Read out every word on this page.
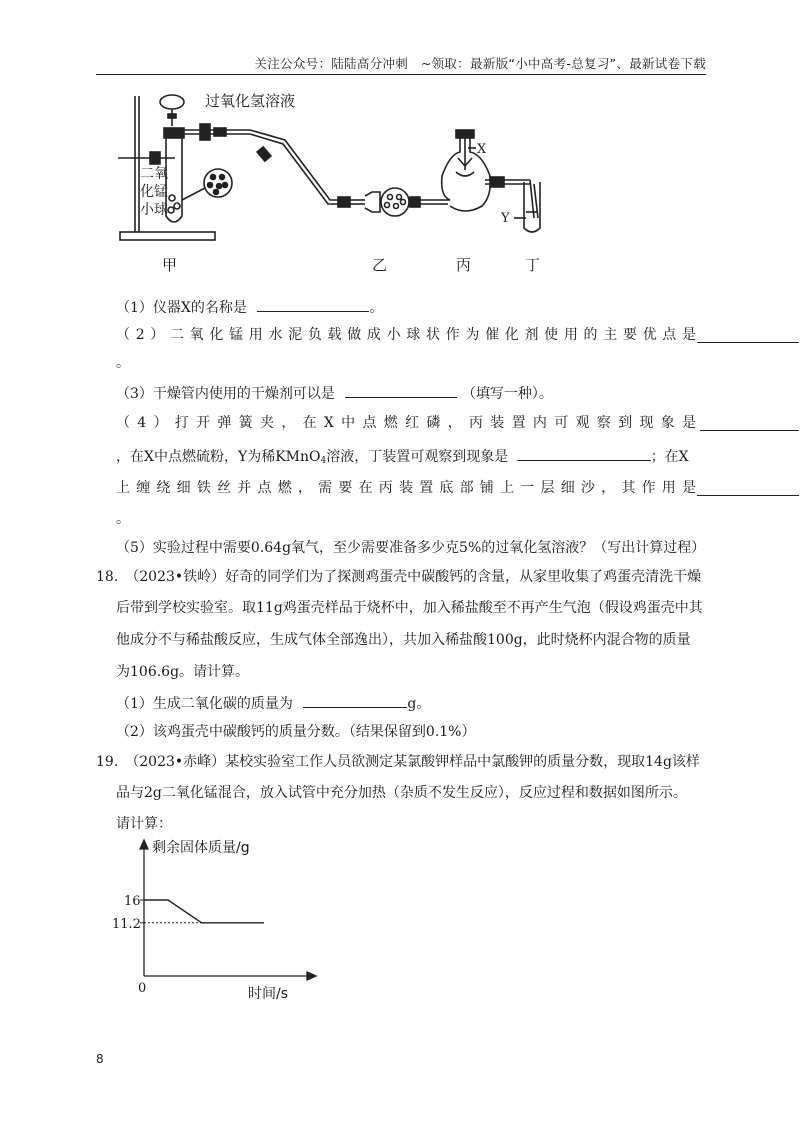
关注公众号：陆陆高分冲刺　~领取：最新版“小中高考-总复习”、最新试卷下载
过氧化氢溶液
二氧
化锰
小球
X
Y
甲	乙	丙	丁
（1）仪器X的名称是	。
（2）二氧化锰用水泥负载做成小球状作为催化剂使用的主要优点是
。
（3）干燥管内使用的干燥剂可以是	（填写一种）。
（4）打开弹簧夹，在X中点燃红磷，丙装置内可观察到现象是
，在X中点燃硫粉，Y为稀KMnO$_4$溶液，丁装置可观察到现象是	；在X
上缠绕细铁丝并点燃，需要在丙装置底部铺上一层细沙，其作用是
。
（5）实验过程中需要0.64g氧气，至少需要准备多少克5%的过氧化氢溶液？（写出计算过程）
18.　（2023•铁岭）好奇的同学们为了探测鸡蛋壳中碳酸钙的含量，从家里收集了鸡蛋壳清洗干燥
后带到学校实验室。取11g鸡蛋壳样品于烧杯中，加入稀盐酸至不再产生气泡（假设鸡蛋壳中其
他成分不与稀盐酸反应，生成气体全部逸出），共加入稀盐酸100g，此时烧杯内混合物的质量
为106.6g。请计算。
（1）生成二氧化碳的质量为	g。
（2）该鸡蛋壳中碳酸钙的质量分数。（结果保留到0.1%）
19.　（2023•赤峰）某校实验室工作人员欲测定某氯酸钾样品中氯酸钾的质量分数，现取14g该样
品与2g二氧化锰混合，放入试管中充分加热（杂质不发生反应），反应过程和数据如图所示。
请计算：
剩余固体质量/g
时间/s
0
16
11.2
8
